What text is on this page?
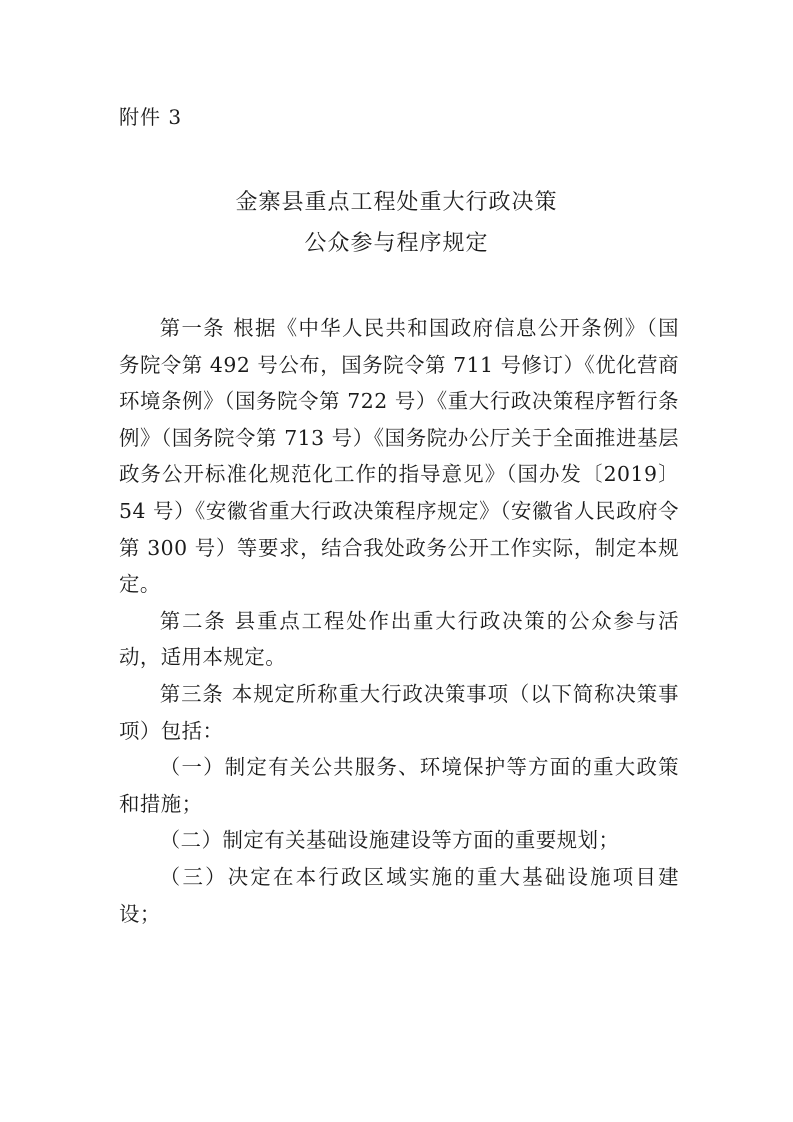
附件 3
金寨县重点工程处重大行政决策
公众参与程序规定

第一条 根据《中华人民共和国政府信息公开条例》（国务院令第 492 号公布，国务院令第 711 号修订）《优化营商环境条例》（国务院令第 722 号）《重大行政决策程序暂行条例》（国务院令第 713 号）《国务院办公厅关于全面推进基层政务公开标准化规范化工作的指导意见》（国办发〔2019〕54 号）《安徽省重大行政决策程序规定》（安徽省人民政府令第 300 号）等要求，结合我处政务公开工作实际，制定本规定。

第二条 县重点工程处作出重大行政决策的公众参与活动，适用本规定。

第三条 本规定所称重大行政决策事项（以下简称决策事项）包括：

（一）制定有关公共服务、环境保护等方面的重大政策和措施；

（二）制定有关基础设施建设等方面的重要规划；

（三）决定在本行政区域实施的重大基础设施项目建设；
